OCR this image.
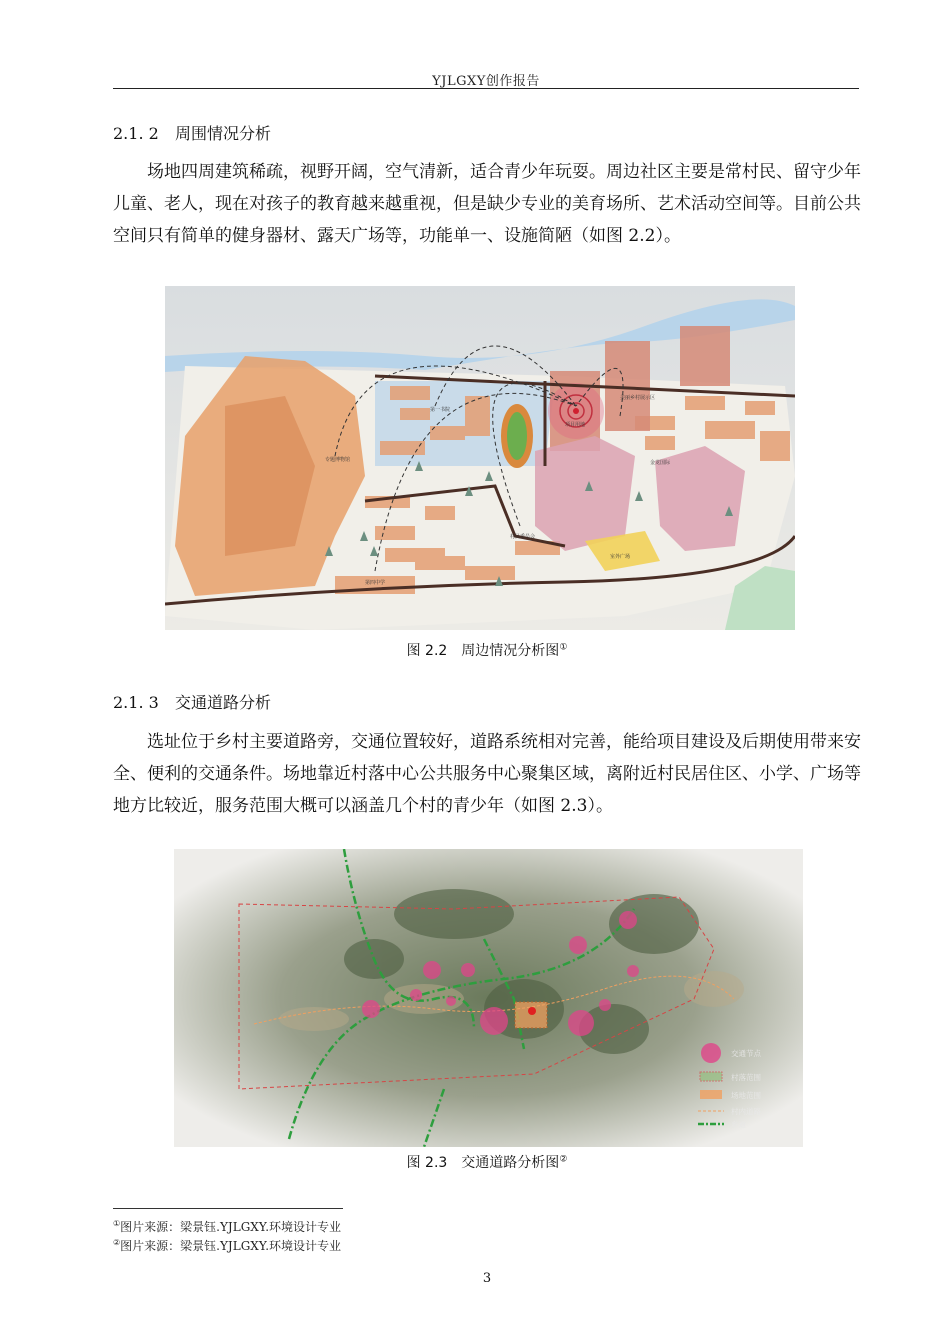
YJLGXY创作报告
2.1. 2 周围情况分析

场地四周建筑稀疏，视野开阔，空气清新，适合青少年玩耍。周边社区主要是常村民、留守少年儿童、老人，现在对孩子的教育越来越重视，但是缺少专业的美育场所、艺术活动空间等。目前公共空间只有简单的健身器材、露天广场等，功能单一、设施简陋（如图 2.2）。

专题博物馆
第一书院
项目用地
美丽乡村展示区
金龙国际
村民委员会
第四中学
室外广场
图 2.2　周边情况分析图①
2.1. 3 交通道路分析

选址位于乡村主要道路旁，交通位置较好，道路系统相对完善，能给项目建设及后期使用带来安全、便利的交通条件。场地靠近村落中心公共服务中心聚集区域，离附近村民居住区、小学、广场等地方比较近，服务范围大概可以涵盖几个村的青少年（如图 2.3）。

交通节点
村落范围
场地范围
村内道路
乡道
图 2.3　交通道路分析图②
①图片来源：梁景钰.YJLGXY.环境设计专业
②图片来源：梁景钰.YJLGXY.环境设计专业
3
